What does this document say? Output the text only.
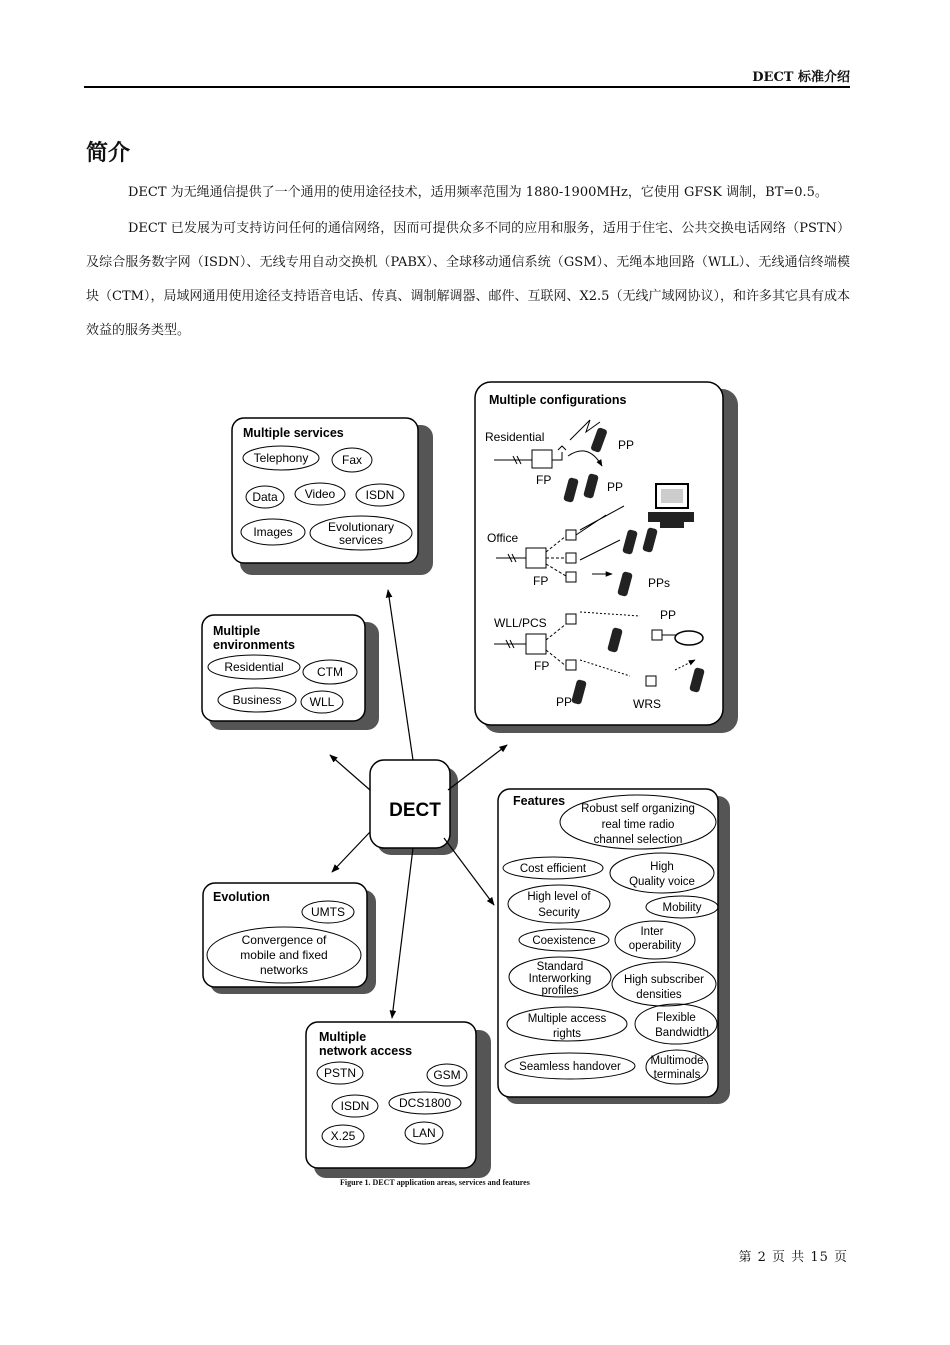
DECT 标准介绍
简介
DECT 为无绳通信提供了一个通用的使用途径技术，适用频率范围为 1880-1900MHz，它使用 GFSK 调制，BT=0.5。
DECT 已发展为可支持访问任何的通信网络，因而可提供众多不同的应用和服务，适用于住宅、公共交换电话网络（PSTN）及综合服务数字网（ISDN）、无线专用自动交换机（PABX）、全球移动通信系统（GSM）、无绳本地回路（WLL）、无线通信终端模块（CTM），局域网通用使用途径支持语音电话、传真、调制解调器、邮件、互联网、X2.5（无线广域网协议），和许多其它具有成本效益的服务类型。
Multiple services
Telephony	Fax
Data Video	ISDN
Images	Evolutionary
services
Multiple
environments
Residential	CTM
Business WLL
Multiple configurations
Residential
PP
FP	PP
Office
FP	PPs
WLL/PCS
PP
FP
PP	WRS
DECT
Evolution
UMTS
Convergence of
mobile and fixed
networks
Multiple
network access
PSTN	GSM
ISDN DCS1800
X.25	LAN
Features
Robust self organizing
real time radio
channel selection
Cost efficient	High
Quality voice
High level of
Security	Mobility
Coexistence
Inter
operability
Standard
Interworking
profiles
High subscriber
densities
Multiple access
rights
Flexible
Bandwidth
Seamless handover	Multimode
terminals
Figure 1. DECT application areas, services and features
第 2 页 共 15 页
